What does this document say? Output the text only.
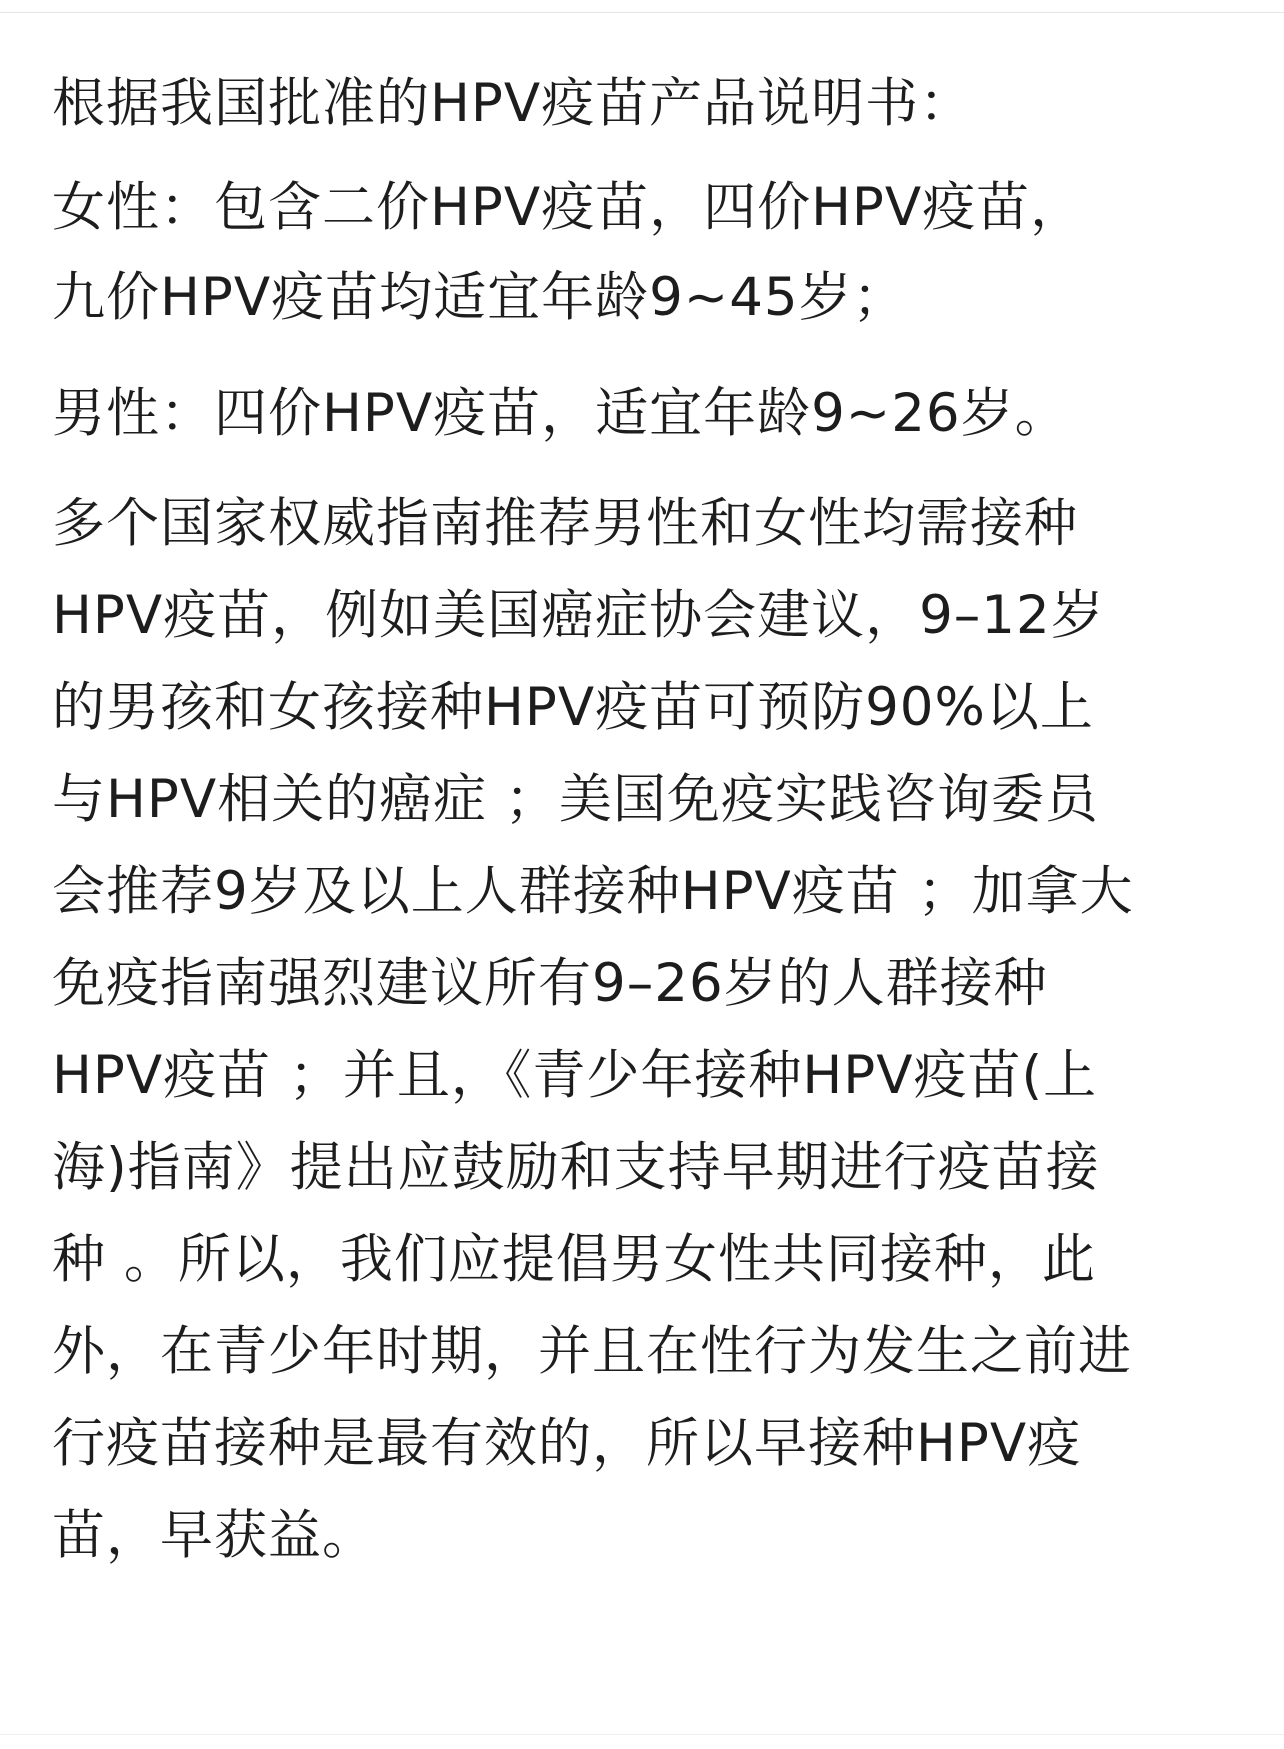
根据我国批准的HPV疫苗产品说明书：
女性：包含二价HPV疫苗，四价HPV疫苗，
九价HPV疫苗均适宜年龄9~45岁；
男性：四价HPV疫苗，适宜年龄9~26岁。
多个国家权威指南推荐男性和女性均需接种
HPV疫苗，例如美国癌症协会建议，9–12岁
的男孩和女孩接种HPV疫苗可预防90%以上
与HPV相关的癌症 ；美国免疫实践咨询委员
会推荐9岁及以上人群接种HPV疫苗 ；加拿大
免疫指南强烈建议所有9–26岁的人群接种
HPV疫苗 ；并且，《青少年接种HPV疫苗(上
海)指南》提出应鼓励和支持早期进行疫苗接
种 。所以，我们应提倡男女性共同接种，此
外，在青少年时期，并且在性行为发生之前进
行疫苗接种是最有效的，所以早接种HPV疫
苗，早获益。
